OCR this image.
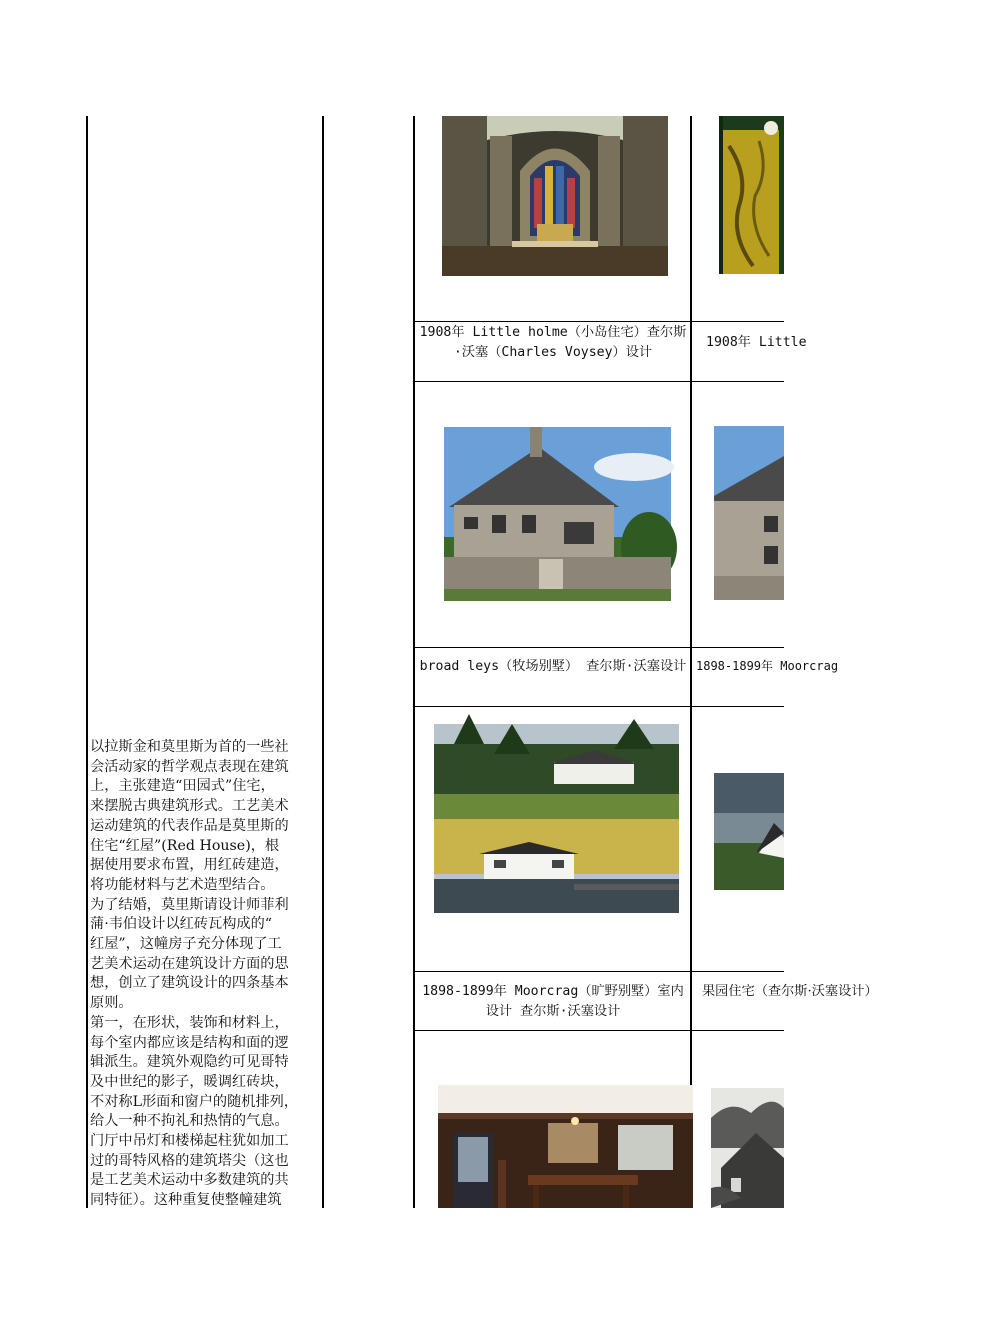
以拉斯金和莫里斯为首的一些社

会活动家的哲学观点表现在建筑

上，主张建造“田园式”住宅，

来摆脱古典建筑形式。工艺美术

运动建筑的代表作品是莫里斯的

住宅“红屋”(Red House)，根

据使用要求布置，用红砖建造，

将功能材料与艺术造型结合。

为了结婚，莫里斯请设计师菲利

蒲·韦伯设计以红砖瓦构成的“

红屋”，这幢房子充分体现了工

艺美术运动在建筑设计方面的思

想，创立了建筑设计的四条基本

原则。

第一，在形状，装饰和材料上，

每个室内都应该是结构和面的逻

辑派生。建筑外观隐约可见哥特

及中世纪的影子，暖调红砖块，

不对称L形面和窗户的随机排列，

给人一种不拘礼和热情的气息。

门厅中吊灯和楼梯起柱犹如加工

过的哥特风格的建筑塔尖（这也

是工艺美术运动中多数建筑的共

同特征）。这种重复使整幢建筑

1908年 Little holme（小岛住宅）查尔斯·沃塞（Charles Voysey）设计
1908年 Little
broad leys（牧场别墅） 查尔斯·沃塞设计 1898-1899年 Moorcrag
1898-1899年 Moorcrag（旷野别墅）室内设计 查尔斯·沃塞设计
果园住宅（查尔斯·沃塞设计）
